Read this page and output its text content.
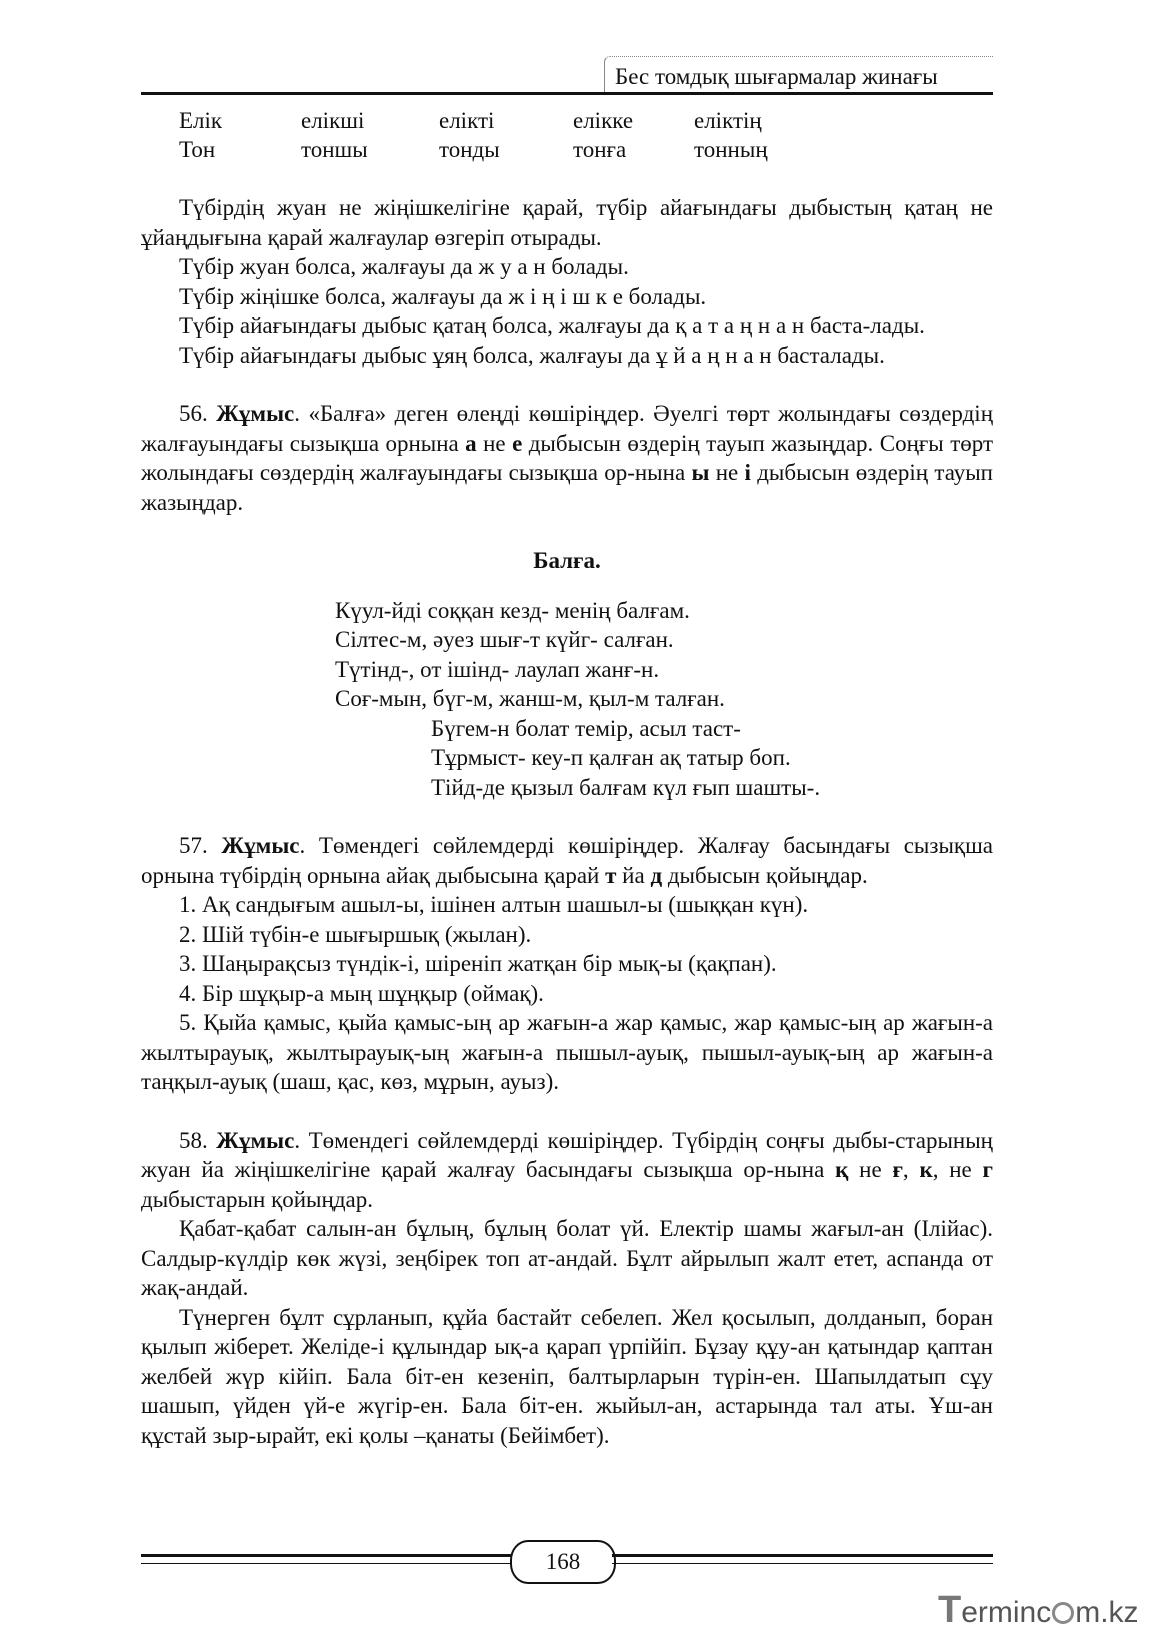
Бес томдық шығармалар жинағы
Елік	елікші	елікті	елікке	еліктің
Тон	тоншы	тонды	тонға	тонның

Түбірдің жуан не жіңішкелігіне қарай, түбір айағындағы дыбыстың қатаң не ұйаңдығына қарай жалғаулар өзгеріп отырады.

Түбір жуан болса, жалғауы да ж у а н болады.

Түбір жіңішке болса, жалғауы да ж і ң і ш к е болады.

Түбір айағындағы дыбыс қатаң болса, жалғауы да қ а т а ң н а н баста-лады.

Түбір айағындағы дыбыс ұяң болса, жалғауы да ұ й а ң н а н басталады.

56. Жұмыс. «Балға» деген өлеңді көшіріңдер. Әуелгі төрт жолындағы сөздердің жалғауындағы сызықша орнына а не е дыбысын өздерің тауып жазыңдар. Соңғы төрт жолындағы сөздердің жалғауындағы сызықша ор-нына ы не і дыбысын өздерің тауып жазыңдар.

Балға.

Күул-йді соққан кезд- менің балғам.
Сілтес-м, әуез шығ-т күйг- салған.
Түтінд-, от ішінд- лаулап жанғ-н.
Соғ-мын, бүг-м, жанш-м, қыл-м талған.
Бүгем-н болат темір, асыл таст-
Тұрмыст- кеу-п қалған ақ татыр боп.
Тійд-де қызыл балғам күл ғып шашты-.

57. Жұмыс. Төмендегі сөйлемдерді көшіріңдер. Жалғау басындағы сызықша орнына түбірдің орнына айақ дыбысына қарай т йа д дыбысын қойыңдар.

1. Ақ сандығым ашыл-ы, ішінен алтын шашыл-ы (шыққан күн).

2. Шій түбін-е шығыршық (жылан).

3. Шаңырақсыз түндік-і, шіреніп жатқан бір мық-ы (қақпан).

4. Бір шұқыр-а мың шұңқыр (оймақ).

5. Қыйа қамыс, қыйа қамыс-ың ар жағын-а жар қамыс, жар қамыс-ың ар жағын-а жылтырауық, жылтырауық-ың жағын-а пышыл-ауық, пышыл-ауық-ың ар жағын-а таңқыл-ауық (шаш, қас, көз, мұрын, ауыз).

58. Жұмыс. Төмендегі сөйлемдерді көшіріңдер. Түбірдің соңғы дыбы-старының жуан йа жіңішкелігіне қарай жалғау басындағы сызықша ор-нына қ не ғ, к, не г дыбыстарын қойыңдар.

Қабат-қабат салын-ан бұлың, бұлың болат үй. Електір шамы жағыл-ан (Ілійас). Салдыр-күлдір көк жүзі, зеңбірек топ ат-андай. Бұлт айрылып жалт етет, аспанда от жақ-андай.

Түнерген бұлт сұрланып, құйа бастайт себелеп. Жел қосылып, долданып, боран қылып жіберет. Желіде-і құлындар ық-а қарап үрпійіп. Бұзау құу-ан қатындар қаптан желбей жүр кійіп. Бала біт-ен кезеніп, балтырларын түрін-ен. Шапылдатып сұу шашып, үйден үй-е жүгір-ен. Бала біт-ен. жыйыл-ан, астарында тал аты. Ұш-ан құстай зыр-ырайт, екі қолы –қанаты (Бейімбет).

168
Terminc m.kz
